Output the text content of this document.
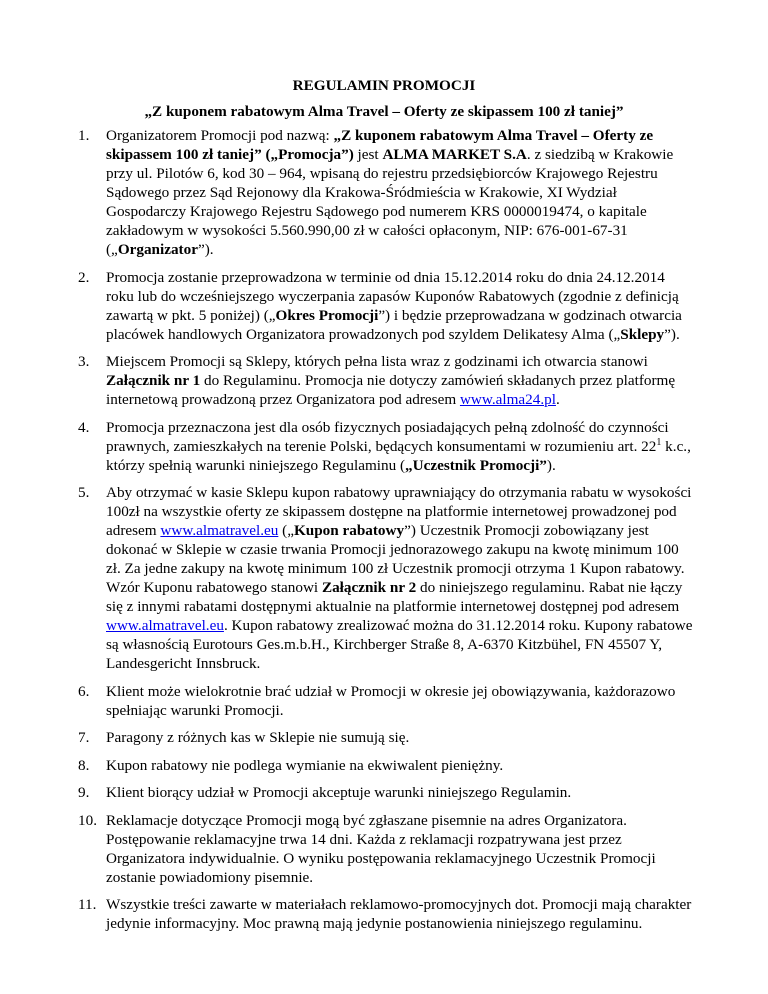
REGULAMIN PROMOCJI
„Z kuponem rabatowym Alma Travel – Oferty ze skipassem 100 zł taniej”
1. Organizatorem Promocji pod nazwą: „Z kuponem rabatowym Alma Travel – Oferty ze skipassem 100 zł taniej” („Promocja”) jest ALMA MARKET S.A. z siedzibą w Krakowie przy ul. Pilotów 6, kod 30 – 964, wpisaną do rejestru przedsiębiorców Krajowego Rejestru Sądowego przez Sąd Rejonowy dla Krakowa-Śródmieścia w Krakowie, XI Wydział Gospodarczy Krajowego Rejestru Sądowego pod numerem KRS 0000019474, o kapitale zakładowym w wysokości 5.560.990,00 zł w całości opłaconym, NIP: 676-001-67-31 („Organizator”).
2. Promocja zostanie przeprowadzona w terminie od dnia 15.12.2014 roku do dnia 24.12.2014 roku lub do wcześniejszego wyczerpania zapasów Kuponów Rabatowych (zgodnie z definicją zawartą w pkt. 5 poniżej) („Okres Promocji”) i będzie przeprowadzana w godzinach otwarcia placówek handlowych Organizatora prowadzonych pod szyldem Delikatesy Alma („Sklepy”).
3. Miejscem Promocji są Sklepy, których pełna lista wraz z godzinami ich otwarcia stanowi Załącznik nr 1 do Regulaminu. Promocja nie dotyczy zamówień składanych przez platformę internetową prowadzoną przez Organizatora pod adresem www.alma24.pl.
4. Promocja przeznaczona jest dla osób fizycznych posiadających pełną zdolność do czynności prawnych, zamieszkałych na terenie Polski, będących konsumentami w rozumieniu art. $22^1$ k.c., którzy spełnią warunki niniejszego Regulaminu („Uczestnik Promocji”).
5. Aby otrzymać w kasie Sklepu kupon rabatowy uprawniający do otrzymania rabatu w wysokości 100zł na wszystkie oferty ze skipassem dostępne na platformie internetowej prowadzonej pod adresem www.almatravel.eu („Kupon rabatowy”) Uczestnik Promocji zobowiązany jest dokonać w Sklepie w czasie trwania Promocji jednorazowego zakupu na kwotę minimum 100 zł. Za jedne zakupy na kwotę minimum 100 zł Uczestnik promocji otrzyma 1 Kupon rabatowy. Wzór Kuponu rabatowego stanowi Załącznik nr 2 do niniejszego regulaminu. Rabat nie łączy się z innymi rabatami dostępnymi aktualnie na platformie internetowej dostępnej pod adresem www.almatravel.eu. Kupon rabatowy zrealizować można do 31.12.2014 roku. Kupony rabatowe są własnością Eurotours Ges.m.b.H., Kirchberger Straße 8, A-6370 Kitzbühel, FN 45507 Y, Landesgericht Innsbruck.
6. Klient może wielokrotnie brać udział w Promocji w okresie jej obowiązywania, każdorazowo spełniając warunki Promocji.
7. Paragony z różnych kas w Sklepie nie sumują się.
8. Kupon rabatowy nie podlega wymianie na ekwiwalent pieniężny.
9. Klient biorący udział w Promocji akceptuje warunki niniejszego Regulamin.
10. Reklamacje dotyczące Promocji mogą być zgłaszane pisemnie na adres Organizatora. Postępowanie reklamacyjne trwa 14 dni. Każda z reklamacji rozpatrywana jest przez Organizatora indywidualnie. O wyniku postępowania reklamacyjnego Uczestnik Promocji zostanie powiadomiony pisemnie.
11. Wszystkie treści zawarte w materiałach reklamowo-promocyjnych dot. Promocji mają charakter jedynie informacyjny. Moc prawną mają jedynie postanowienia niniejszego regulaminu.
